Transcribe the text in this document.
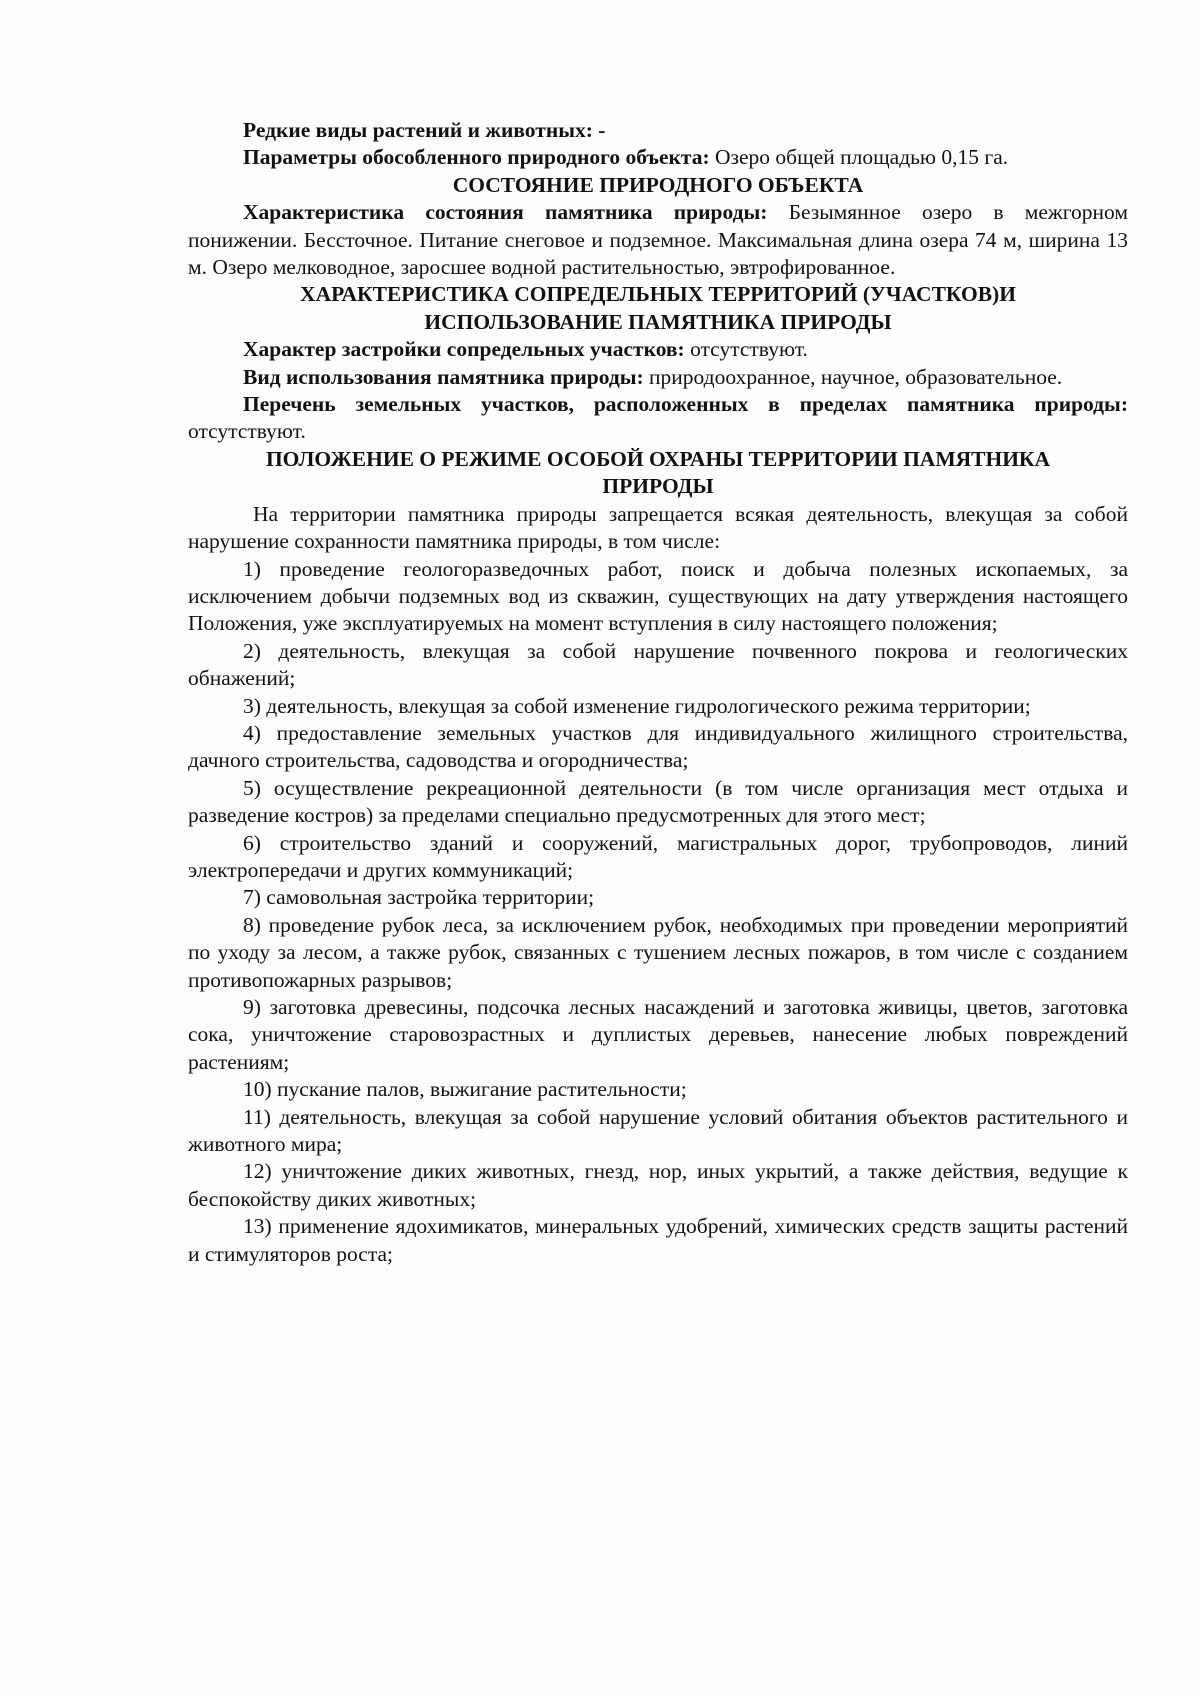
Редкие виды растений и животных: -

Параметры обособленного природного объекта: Озеро общей площадью 0,15 га.

СОСТОЯНИЕ ПРИРОДНОГО ОБЪЕКТА

Характеристика состояния памятника природы: Безымянное озеро в межгорном понижении. Бессточное. Питание снеговое и подземное. Максимальная длина озера 74 м, ширина 13 м. Озеро мелководное, заросшее водной растительностью, эвтрофированное.

ХАРАКТЕРИСТИКА СОПРЕДЕЛЬНЫХ ТЕРРИТОРИЙ (УЧАСТКОВ)И
ИСПОЛЬЗОВАНИЕ ПАМЯТНИКА ПРИРОДЫ

Характер застройки сопредельных участков: отсутствуют.

Вид использования памятника природы: природоохранное, научное, образовательное.

Перечень земельных участков, расположенных в пределах памятника природы: отсутствуют.

ПОЛОЖЕНИЕ О РЕЖИМЕ ОСОБОЙ ОХРАНЫ ТЕРРИТОРИИ ПАМЯТНИКА
ПРИРОДЫ

На территории памятника природы запрещается всякая деятельность, влекущая за собой нарушение сохранности памятника природы, в том числе:

1) проведение геологоразведочных работ, поиск и добыча полезных ископаемых, за исключением добычи подземных вод из скважин, существующих на дату утверждения настоящего Положения, уже эксплуатируемых на момент вступления в силу настоящего положения;

2) деятельность, влекущая за собой нарушение почвенного покрова и геологических обнажений;

3) деятельность, влекущая за собой изменение гидрологического режима территории;

4) предоставление земельных участков для индивидуального жилищного строительства, дачного строительства, садоводства и огородничества;

5) осуществление рекреационной деятельности (в том числе организация мест отдыха и разведение костров) за пределами специально предусмотренных для этого мест;

6) строительство зданий и сооружений, магистральных дорог, трубопроводов, линий электропередачи и других коммуникаций;

7) самовольная застройка территории;

8) проведение рубок леса, за исключением рубок, необходимых при проведении мероприятий по уходу за лесом, а также рубок, связанных с тушением лесных пожаров, в том числе с созданием противопожарных разрывов;

9) заготовка древесины, подсочка лесных насаждений и заготовка живицы, цветов, заготовка сока, уничтожение старовозрастных и дуплистых деревьев, нанесение любых повреждений растениям;

10) пускание палов, выжигание растительности;

11) деятельность, влекущая за собой нарушение условий обитания объектов растительного и животного мира;

12) уничтожение диких животных, гнезд, нор, иных укрытий, а также действия, ведущие к беспокойству диких животных;

13) применение ядохимикатов, минеральных удобрений, химических средств защиты растений и стимуляторов роста;
